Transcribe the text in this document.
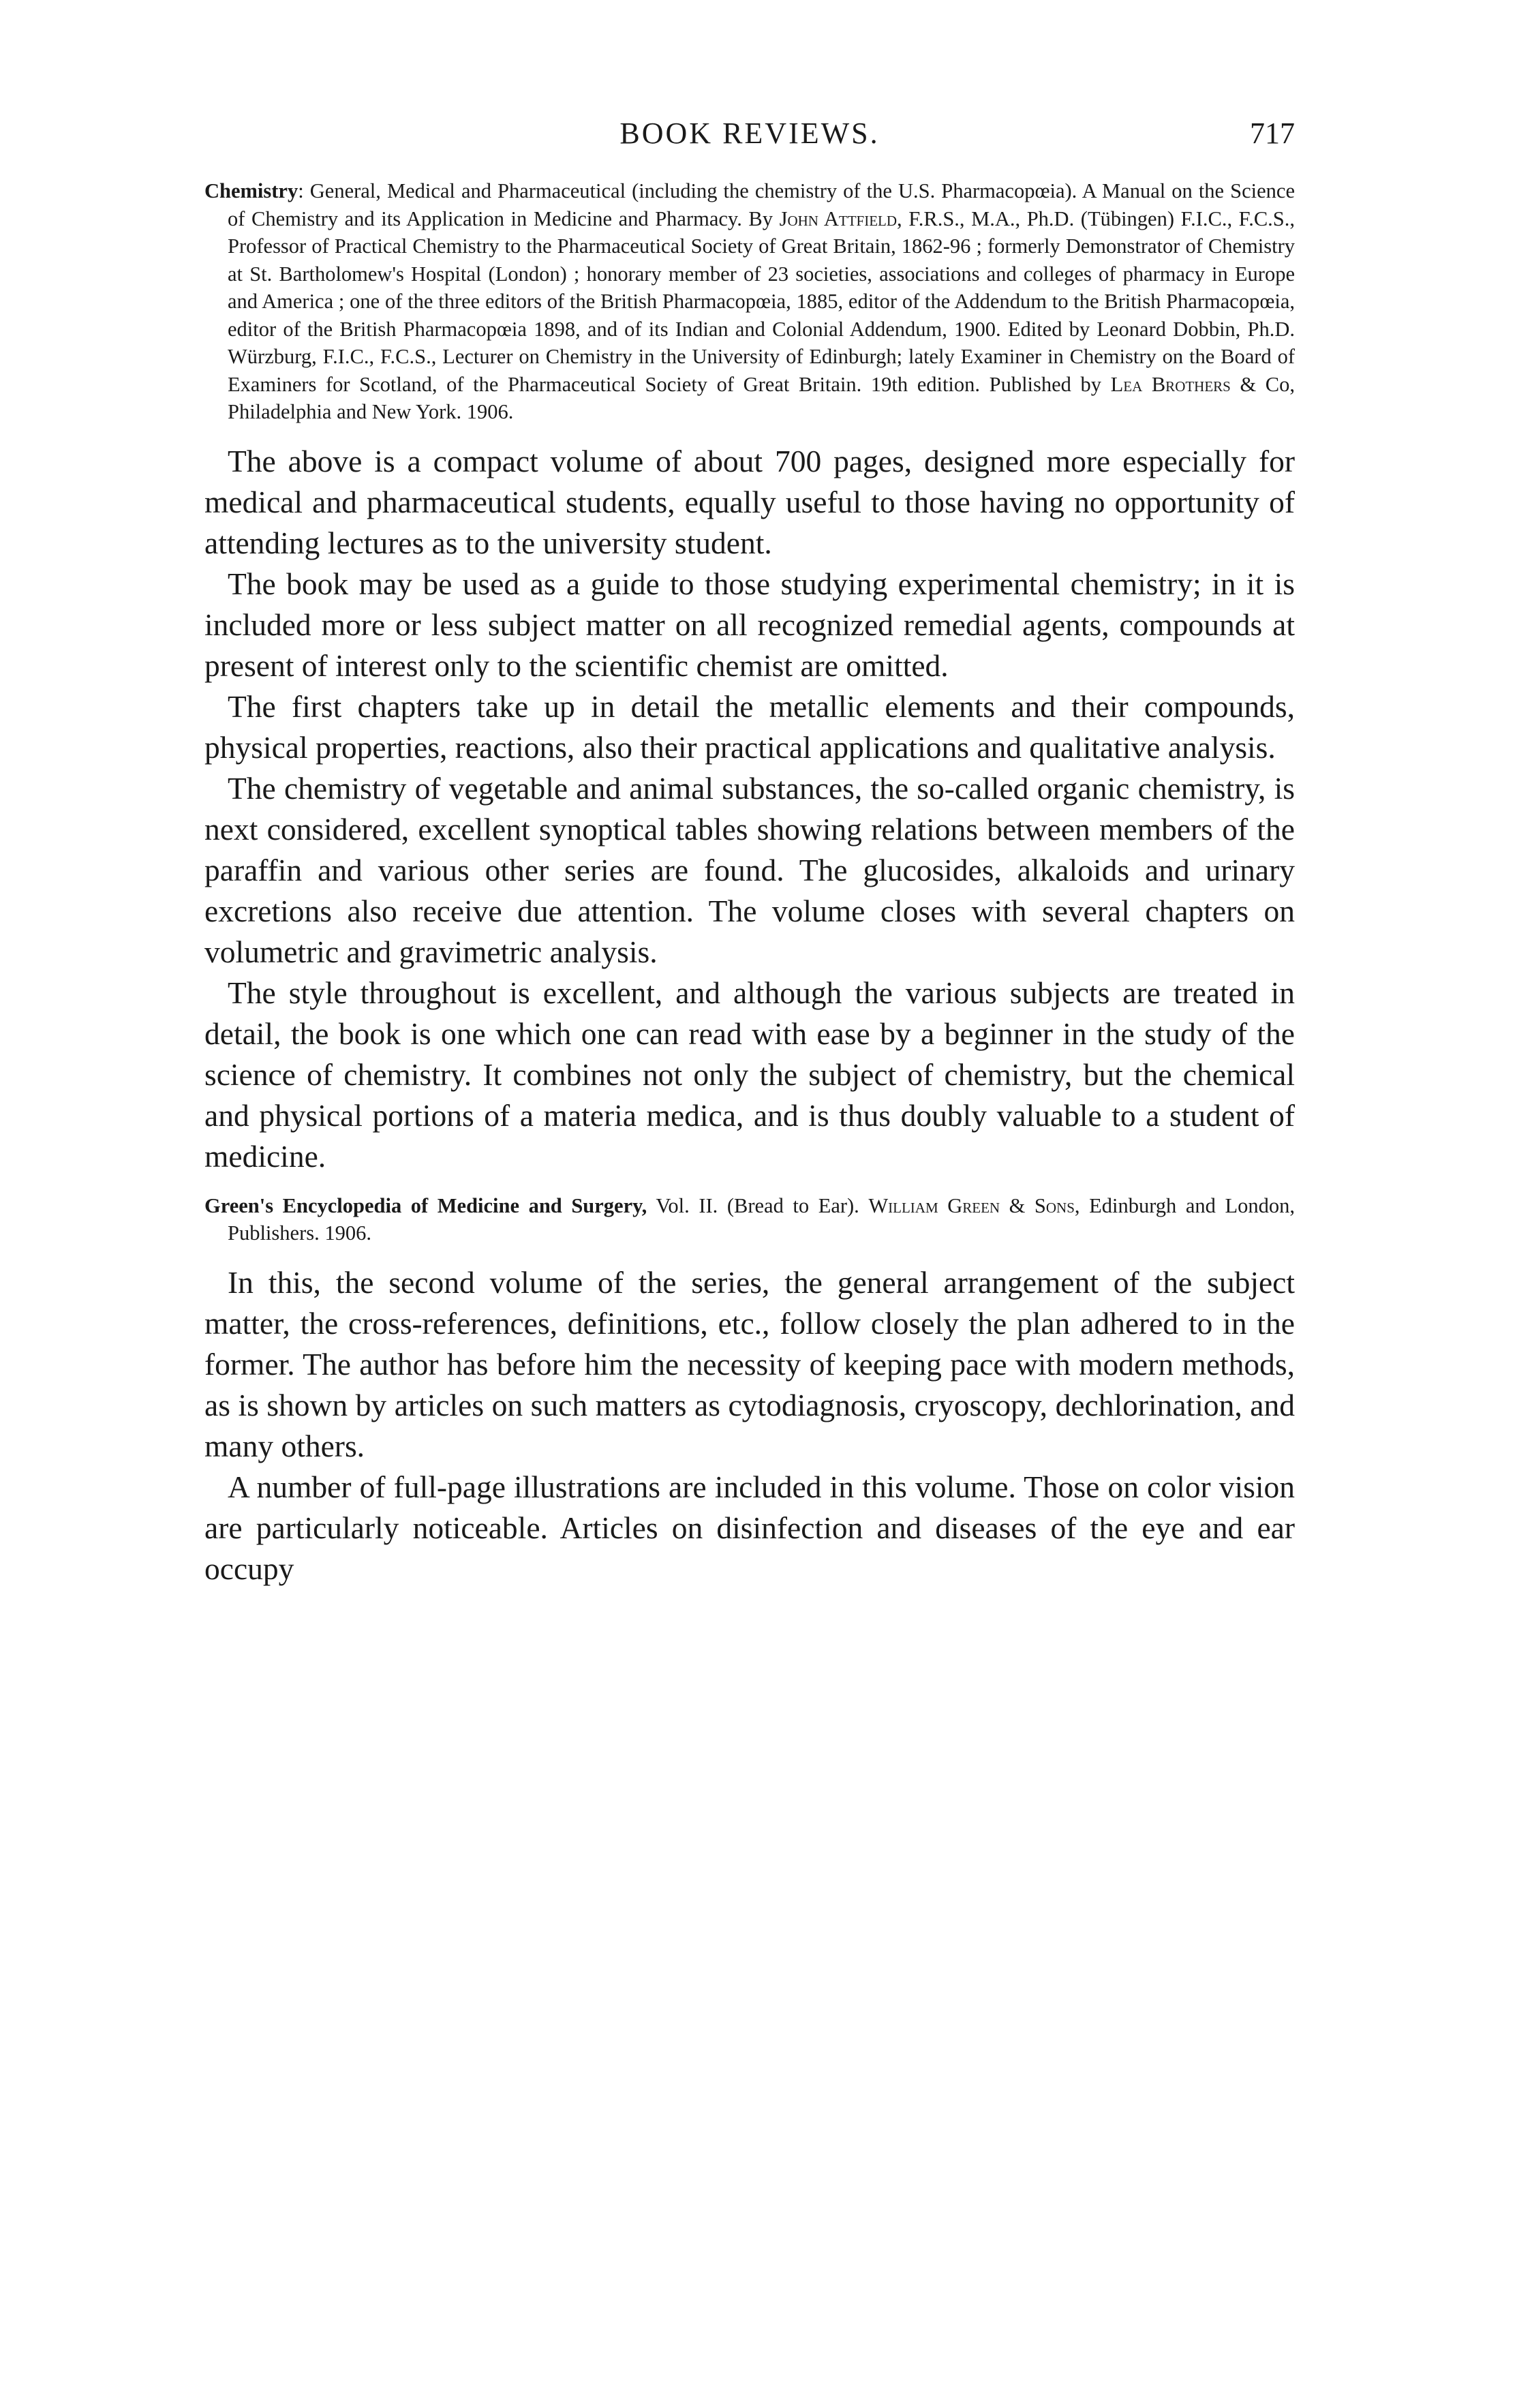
BOOK REVIEWS.	717

Chemistry: General, Medical and Pharmaceutical (including the chemistry of the U.S. Pharmacopœia). A Manual on the Science of Chemistry and its Application in Medicine and Pharmacy. By John Attfield, F.R.S., M.A., Ph.D. (Tübingen) F.I.C., F.C.S., Professor of Practical Chemistry to the Pharmaceutical Society of Great Britain, 1862-96 ; formerly Demonstrator of Chemistry at St. Bartholomew's Hospital (London) ; honorary member of 23 societies, associations and colleges of pharmacy in Europe and America ; one of the three editors of the British Pharmacopœia, 1885, editor of the Addendum to the British Pharmacopœia, editor of the British Pharmacopœia 1898, and of its Indian and Colonial Addendum, 1900. Edited by Leonard Dobbin, Ph.D. Würzburg, F.I.C., F.C.S., Lecturer on Chemistry in the University of Edinburgh; lately Examiner in Chemistry on the Board of Examiners for Scotland, of the Pharmaceutical Society of Great Britain. 19th edition. Published by Lea Brothers & Co, Philadelphia and New York. 1906.

The above is a compact volume of about 700 pages, designed more especially for medical and pharmaceutical students, equally useful to those having no opportunity of attending lectures as to the university student.

The book may be used as a guide to those studying experimental chemistry; in it is included more or less subject matter on all recognized remedial agents, compounds at present of interest only to the scientific chemist are omitted.

The first chapters take up in detail the metallic elements and their compounds, physical properties, reactions, also their practical applications and qualitative analysis.

The chemistry of vegetable and animal substances, the so-called organic chemistry, is next considered, excellent synoptical tables showing relations between members of the paraffin and various other series are found. The glucosides, alkaloids and urinary excretions also receive due attention. The volume closes with several chapters on volumetric and gravimetric analysis.

The style throughout is excellent, and although the various subjects are treated in detail, the book is one which one can read with ease by a beginner in the study of the science of chemistry. It combines not only the subject of chemistry, but the chemical and physical portions of a materia medica, and is thus doubly valuable to a student of medicine.

Green's Encyclopedia of Medicine and Surgery, Vol. II. (Bread to Ear). William Green & Sons, Edinburgh and London, Publishers. 1906.

In this, the second volume of the series, the general arrangement of the subject matter, the cross-references, definitions, etc., follow closely the plan adhered to in the former. The author has before him the necessity of keeping pace with modern methods, as is shown by articles on such matters as cytodiagnosis, cryoscopy, dechlorination, and many others.

A number of full-page illustrations are included in this volume. Those on color vision are particularly noticeable. Articles on disinfection and diseases of the eye and ear occupy
